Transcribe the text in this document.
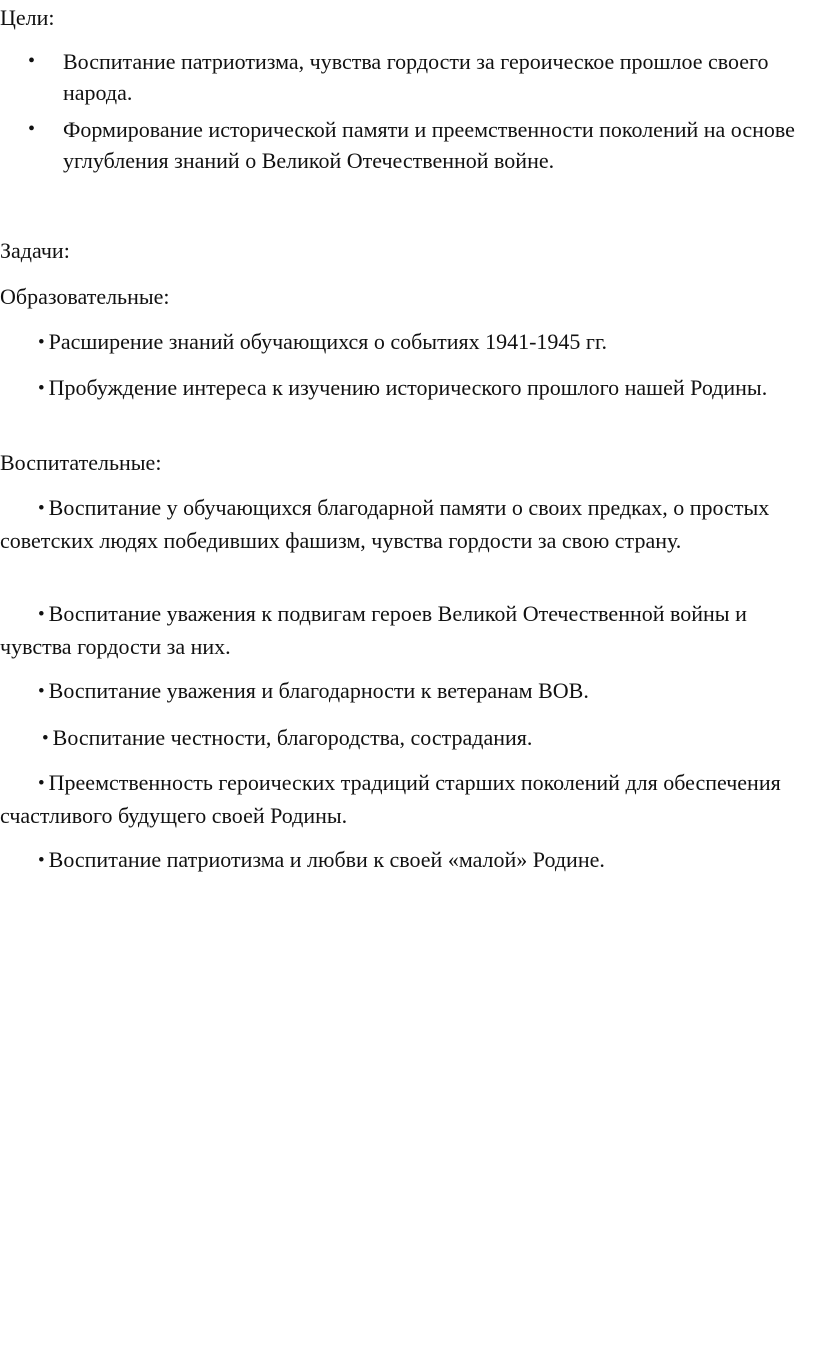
Цели:
• Воспитание патриотизма, чувства гордости за героическое прошлое своего народа.
• Формирование исторической памяти и преемственности поколений на основе углубления знаний о Великой Отечественной войне.
Задачи:
Образовательные:
• Расширение знаний обучающихся о событиях 1941-1945 гг.
• Пробуждение интереса к изучению исторического прошлого нашей Родины.
Воспитательные:
• Воспитание у обучающихся благодарной памяти о своих предках, о простых советских людях победивших фашизм, чувства гордости за свою страну.
• Воспитание уважения к подвигам героев Великой Отечественной войны и чувства гордости за них.
• Воспитание уважения и благодарности к ветеранам ВОВ.
• Воспитание честности, благородства, сострадания.
• Преемственность героических традиций старших поколений для обеспечения счастливого будущего своей Родины.
• Воспитание патриотизма и любви к своей «малой» Родине.
